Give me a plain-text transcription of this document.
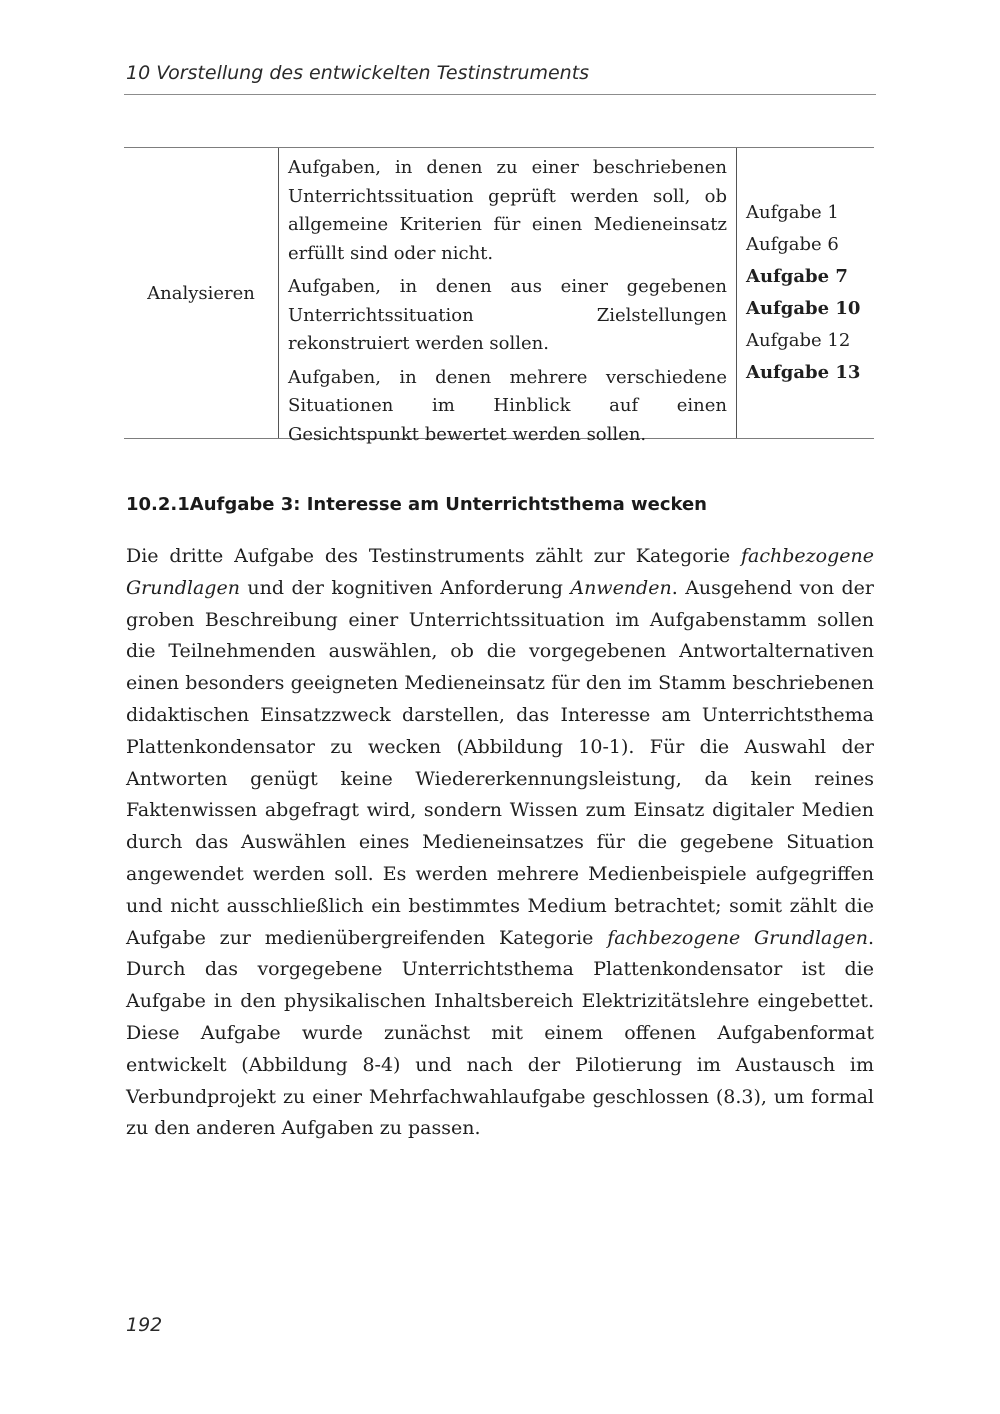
10 Vorstellung des entwickelten Testinstruments
Analysieren

Aufgaben, in denen zu einer beschriebenen Unterrichtssituation geprüft werden soll, ob allgemeine Kriterien für einen Medieneinsatz erfüllt sind oder nicht.

Aufgaben, in denen aus einer gegebenen Unterrichtssituation Zielstellungen rekonstruiert werden sollen.

Aufgaben, in denen mehrere verschiedene Situationen im Hinblick auf einen Gesichtspunkt bewertet werden sollen.

Aufgabe 1
Aufgabe 6
Aufgabe 7
Aufgabe 10
Aufgabe 12
Aufgabe 13
10.2.1Aufgabe 3: Interesse am Unterrichtsthema wecken
Die dritte Aufgabe des Testinstruments zählt zur Kategorie fachbezogene Grundlagen und der kognitiven Anforderung Anwenden. Ausgehend von der groben Beschreibung einer Unterrichtssituation im Aufgabenstamm sollen die Teilnehmenden auswählen, ob die vorgegebenen Antwortalternativen einen besonders geeigneten Medieneinsatz für den im Stamm beschriebenen didaktischen Einsatzzweck darstellen, das Interesse am Unterrichtsthema Plattenkondensator zu wecken (Abbildung 10-1). Für die Auswahl der Antworten genügt keine Wiedererkennungsleistung, da kein reines Faktenwissen abgefragt wird, sondern Wissen zum Einsatz digitaler Medien durch das Auswählen eines Medieneinsatzes für die gegebene Situation angewendet werden soll. Es werden mehrere Medienbeispiele aufgegriffen und nicht ausschließlich ein bestimmtes Medium betrachtet; somit zählt die Aufgabe zur medienübergreifenden Kategorie fachbezogene Grundlagen. Durch das vorgegebene Unterrichtsthema Plattenkondensator ist die Aufgabe in den physikalischen Inhaltsbereich Elektrizitätslehre eingebettet. Diese Aufgabe wurde zunächst mit einem offenen Aufgabenformat entwickelt (Abbildung 8-4) und nach der Pilotierung im Austausch im Verbundprojekt zu einer Mehrfachwahlaufgabe geschlossen (8.3), um formal zu den anderen Aufgaben zu passen.
192
